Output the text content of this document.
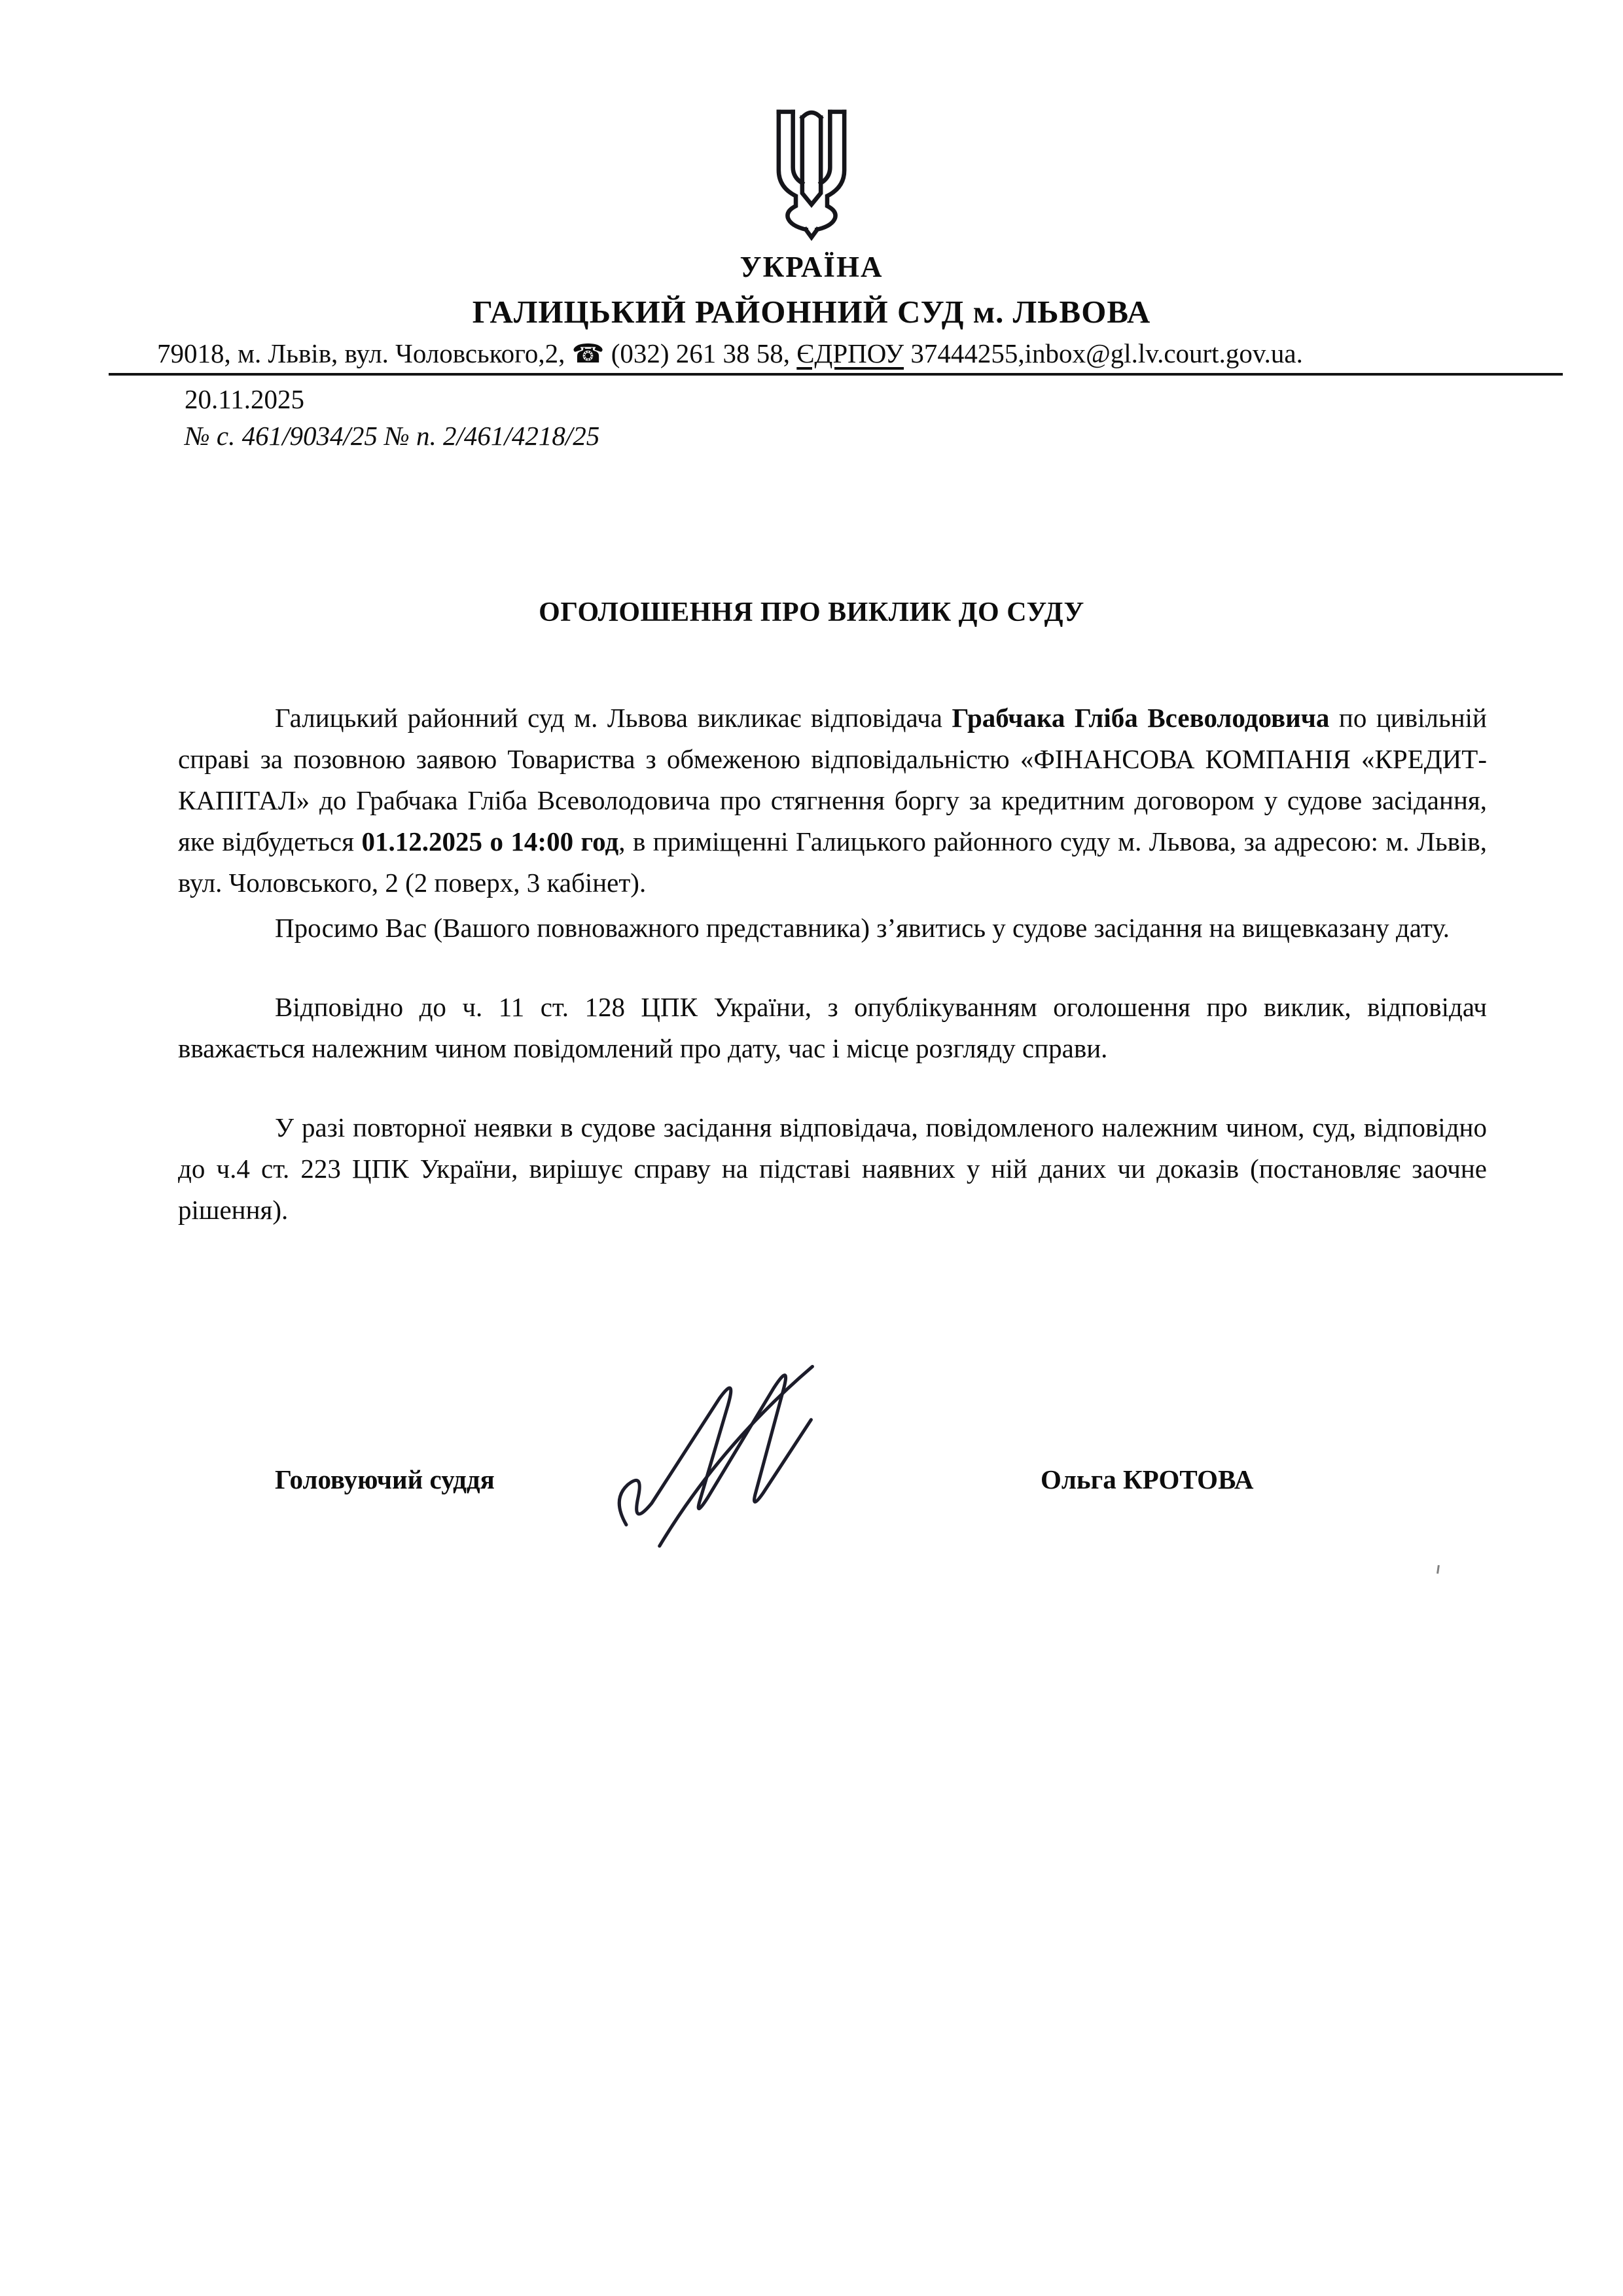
УКРАЇНА
ГАЛИЦЬКИЙ РАЙОННИЙ СУД м. ЛЬВОВА
79018, м. Львів, вул. Чоловського,2, ☎ (032) 261 38 58, ЄДРПОУ 37444255,inbox@gl.lv.court.gov.ua.
20.11.2025
№ с. 461/9034/25 № п. 2/461/4218/25
ОГОЛОШЕННЯ ПРО ВИКЛИК ДО СУДУ

Галицький районний суд м. Львова викликає відповідача Грабчака Гліба Всеволодовича по цивільній справі за позовною заявою Товариства з обмеженою відповідальністю «ФІНАНСОВА КОМПАНІЯ «КРЕДИТ-КАПІТАЛ» до Грабчака Гліба Всеволодовича про стягнення боргу за кредитним договором у судове засідання, яке відбудеться 01.12.2025 о 14:00 год, в приміщенні Галицького районного суду м. Львова, за адресою: м. Львів, вул. Чоловського, 2 (2 поверх, 3 кабінет).

Просимо Вас (Вашого повноважного представника) з’явитись у судове засідання на вищевказану дату.

Відповідно до ч. 11 ст. 128 ЦПК України, з опублікуванням оголошення про виклик, відповідач вважається належним чином повідомлений про дату, час і місце розгляду справи.

У разі повторної неявки в судове засідання відповідача, повідомленого належним чином, суд, відповідно до ч.4 ст. 223 ЦПК України, вирішує справу на підставі наявних у ній даних чи доказів (постановляє заочне рішення).

Головуючий суддя	Ольга КРОТОВА
